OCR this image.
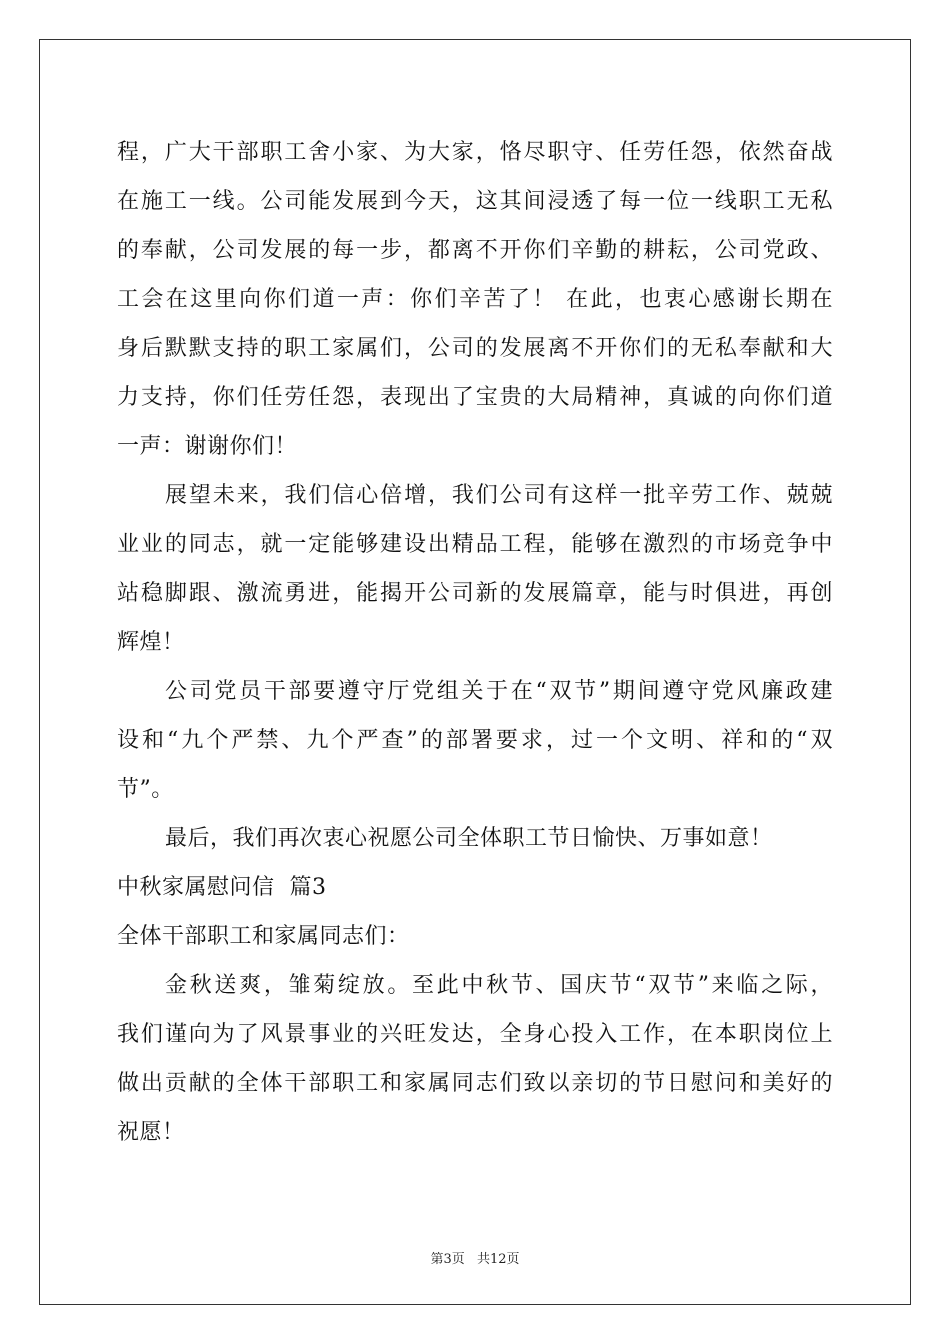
程，广大干部职工舍小家、为大家，恪尽职守、任劳任怨，依然奋战
在施工一线。公司能发展到今天，这其间浸透了每一位一线职工无私
的奉献，公司发展的每一步，都离不开你们辛勤的耕耘，公司党政、
工会在这里向你们道一声：你们辛苦了！ 在此，也衷心感谢长期在
身后默默支持的职工家属们，公司的发展离不开你们的无私奉献和大
力支持，你们任劳任怨，表现出了宝贵的大局精神，真诚的向你们道
一声：谢谢你们！
展望未来，我们信心倍增，我们公司有这样一批辛劳工作、兢兢
业业的同志，就一定能够建设出精品工程，能够在激烈的市场竞争中
站稳脚跟、激流勇进，能揭开公司新的发展篇章，能与时俱进，再创
辉煌！
公司党员干部要遵守厅党组关于在“双节”期间遵守党风廉政建
设和“九个严禁、九个严查”的部署要求，过一个文明、祥和的“双
节”。
最后，我们再次衷心祝愿公司全体职工节日愉快、万事如意！
中秋家属慰问信  篇3
全体干部职工和家属同志们：
金秋送爽，雏菊绽放。至此中秋节、国庆节“双节”来临之际，
我们谨向为了风景事业的兴旺发达，全身心投入工作，在本职岗位上
做出贡献的全体干部职工和家属同志们致以亲切的节日慰问和美好的
祝愿！
第3页 共12页
